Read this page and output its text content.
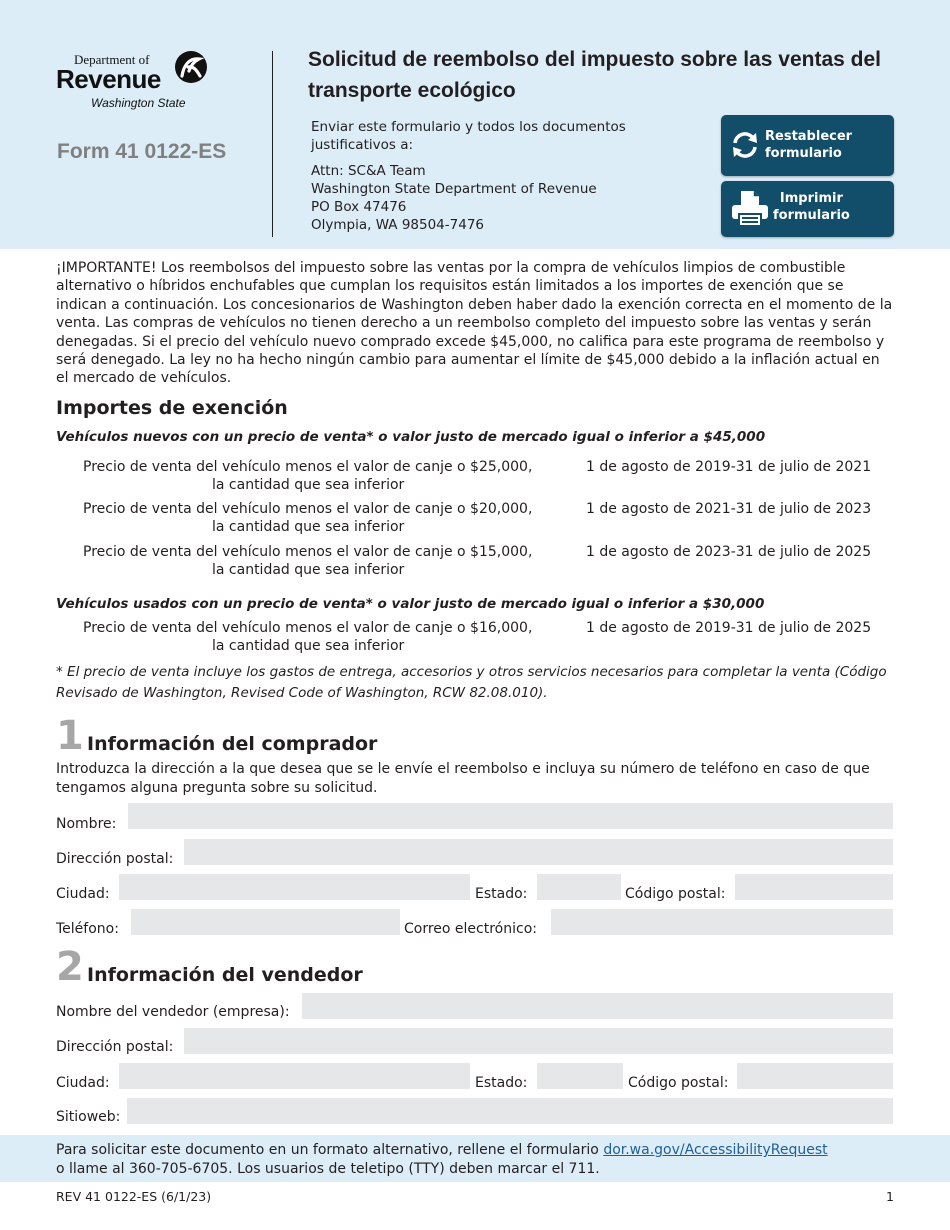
Department of
Revenue
Washington State
Form 41 0122-ES
Solicitud de reembolso del impuesto sobre las ventas del transporte ecológico

Enviar este formulario y todos los documentos justificativos a:

Attn: SC&A Team
Washington State Department of Revenue
PO Box 47476
Olympia, WA 98504-7476
Restablecer
formulario
Imprimir
formulario

¡IMPORTANTE! Los reembolsos del impuesto sobre las ventas por la compra de vehículos limpios de combustible alternativo o híbridos enchufables que cumplan los requisitos están limitados a los importes de exención que se indican a continuación. Los concesionarios de Washington deben haber dado la exención correcta en el momento de la venta. Las compras de vehículos no tienen derecho a un reembolso completo del impuesto sobre las ventas y serán denegadas. Si el precio del vehículo nuevo comprado excede $45,000, no califica para este programa de reembolso y será denegado. La ley no ha hecho ningún cambio para aumentar el límite de $45,000 debido a la inflación actual en el mercado de vehículos.

Importes de exención
Vehículos nuevos con un precio de venta* o valor justo de mercado igual o inferior a $45,000
Precio de venta del vehículo menos el valor de canje o $25,000,
la cantidad que sea inferior
1 de agosto de 2019-31 de julio de 2021
Precio de venta del vehículo menos el valor de canje o $20,000,
la cantidad que sea inferior
1 de agosto de 2021-31 de julio de 2023
Precio de venta del vehículo menos el valor de canje o $15,000,
la cantidad que sea inferior
1 de agosto de 2023-31 de julio de 2025
Vehículos usados con un precio de venta* o valor justo de mercado igual o inferior a $30,000
Precio de venta del vehículo menos el valor de canje o $16,000,
la cantidad que sea inferior
1 de agosto de 2019-31 de julio de 2025

* El precio de venta incluye los gastos de entrega, accesorios y otros servicios necesarios para completar la venta (Código Revisado de Washington, Revised Code of Washington, RCW 82.08.010).

1 Información del comprador

Introduzca la dirección a la que desea que se le envíe el reembolso e incluya su número de teléfono en caso de que tengamos alguna pregunta sobre su solicitud.

Nombre:
Dirección postal:
Ciudad:	Estado:	Código postal:
Teléfono:	Correo electrónico:
2 Información del vendedor
Nombre del vendedor (empresa):
Dirección postal:
Ciudad:	Estado:	Código postal:
Sitioweb:
Para solicitar este documento en un formato alternativo, rellene el formulario dor.wa.gov/AccessibilityRequest
o llame al 360-705-6705. Los usuarios de teletipo (TTY) deben marcar el 711.
REV 41 0122-ES (6/1/23)	1
